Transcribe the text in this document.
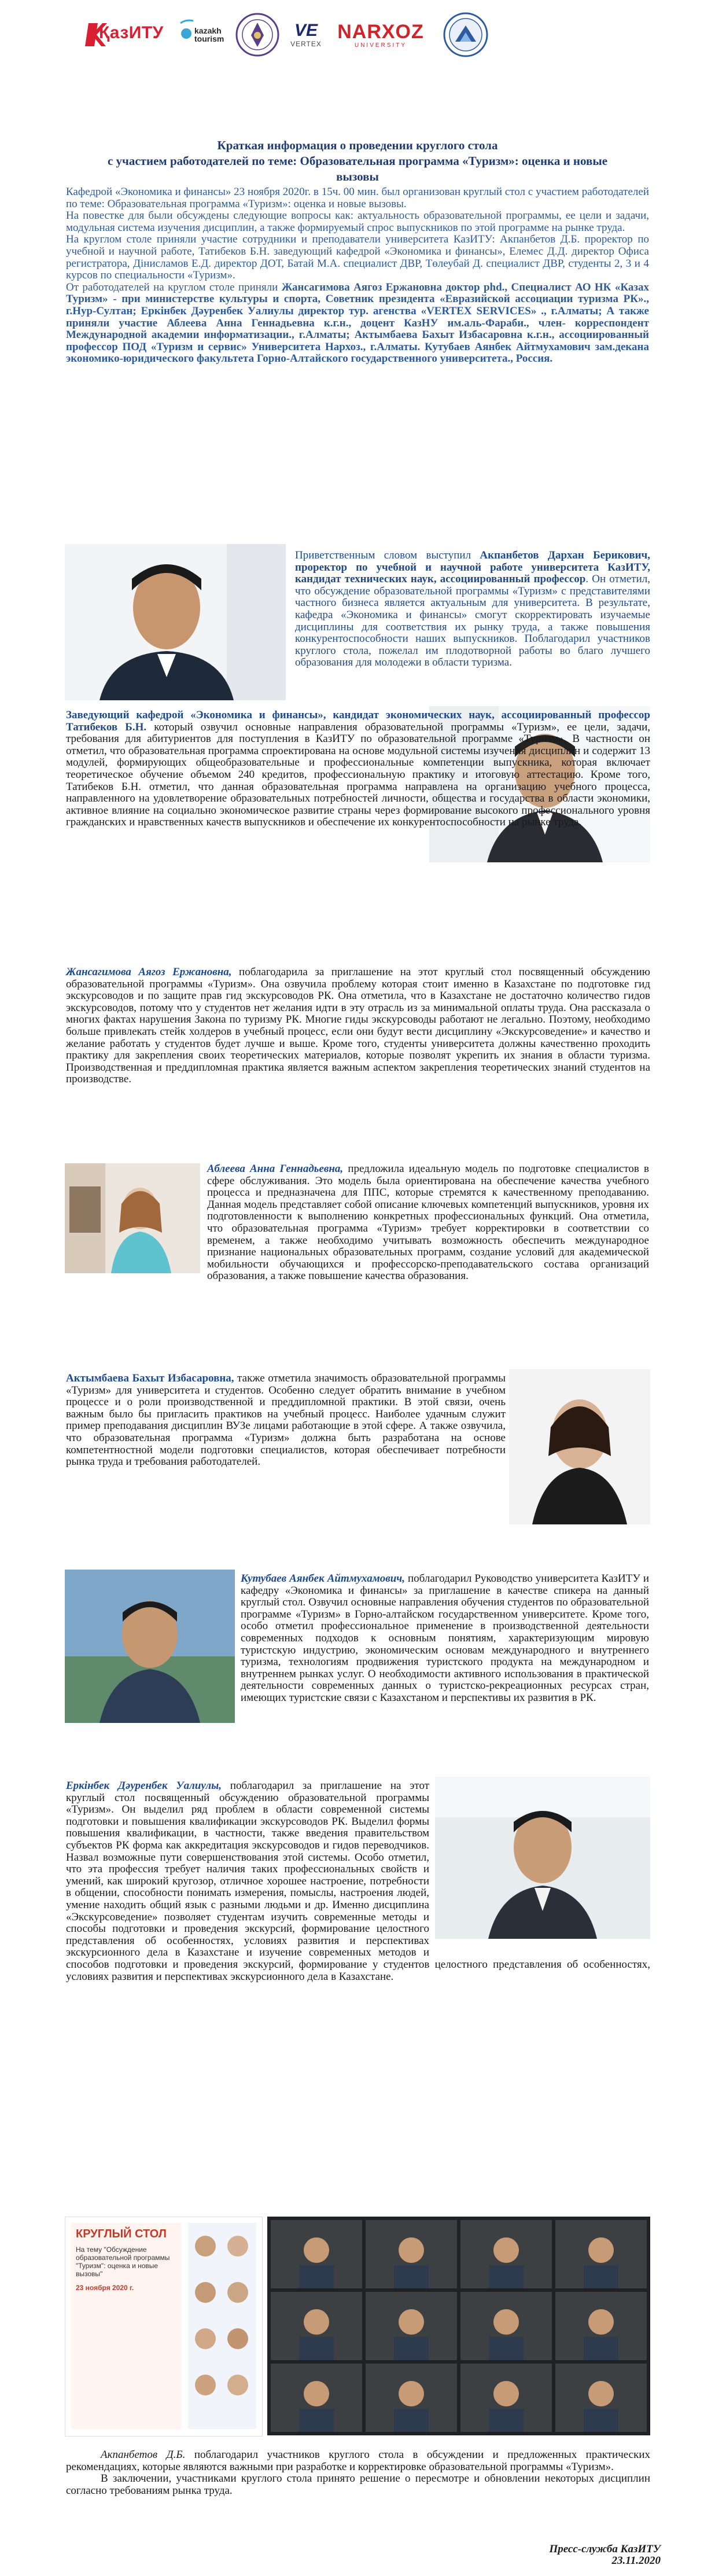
ҚазИТУ	kazakh
tourism	VE
VERTEX
NARXOZ
UNIVERSITY
Краткая информация о проведении круглого стола
с участием работодателей по теме: Образовательная программа «Туризм»: оценка и новые
вызовы

Кафедрой «Экономика и финансы» 23 ноября 2020г. в 15ч. 00 мин. был организован круглый стол с участием работодателей по теме: Образовательная программа «Туризм»: оценка и новые вызовы.

На повестке для были обсуждены следующие вопросы как: актуальность образовательной программы, ее цели и задачи, модульная система изучения дисциплин, а также формируемый спрос выпускников по этой программе на рынке труда.

На круглом столе приняли участие сотрудники и преподаватели университета КазИТУ: Акпанбетов Д.Б. проректор по учебной и научной работе, Татибеков Б.Н. заведующий кафедрой «Экономика и финансы», Елемес Д.Д. директор Офиса регистратора, Дінисламов Е.Д. директор ДОТ, Батай М.А. специалист ДВР, Төлеубай Д. специалист ДВР, студенты 2, 3 и 4 курсов по специальности «Туризм».

От работодателей на круглом столе приняли Жансагимова Аягоз Ержановна доктор phd., Специалист АО НК «Казах Туризм» - при министерстве культуры и спорта, Советник президента «Евразийской ассоциации туризма РК»., г.Нур-Султан; Еркінбек Дәуренбек Уалиулы директор тур. агенства «VERTEX SERVICES» ., г.Алматы; А также приняли участие Аблеева Анна Геннадьевна к.г.н., доцент КазНУ им.аль-Фараби., член- корреспондент Международной академии информатизации., г.Алматы; Актымбаева Бахыт Избасаровна к.г.н., ассоциированный профессор ПОД «Туризм и сервис» Университета Нархоз., г.Алматы. Кутубаев Аянбек Айтмухамович зам.декана экономико-юридического факультета Горно-Алтайского государственного университета., Россия.

Приветственным словом выступил Акпанбетов Дархан Берикович, проректор по учебной и научной работе университета КазИТУ, кандидат технических наук, ассоциированный профессор. Он отметил, что обсуждение образовательной программы «Туризм» с представителями частного бизнеса является актуальным для университета. В результате, кафедра «Экономика и финансы» смогут скорректировать изучаемые дисциплины для соответствия их рынку труда, а также повышения конкурентоспособности наших выпускников. Поблагодарил участников круглого стола, пожелал им плодотворной работы во благо лучшего образования для молодежи в области туризма.

Заведующий кафедрой «Экономика и финансы», кандидат экономических наук, ассоциированный профессор Татибеков Б.Н. который озвучил основные направления образовательной программы «Туризм», ее цели, задачи, требования для абитуриентов для поступления в КазИТУ по образовательной программе «Туризм». В частности он отметил, что образовательная программа спроектирована на основе модульной системы изучения дисциплин и содержит 13 модулей, формирующих общеобразовательные и профессиональные компетенции выпускника, которая включает теоретическое обучение объемом 240 кредитов, профессиональную практику и итоговую аттестацию. Кроме того, Татибеков Б.Н. отметил, что данная образовательная программа направлена на организацию учебного процесса, направленного на удовлетворение образовательных потребностей личности, общества и государства в области экономики, активное влияние на социально экономическое развитие страны через формирование высокого профессионального уровня гражданских и нравственных качеств выпускников и обеспечение их конкурентоспособности на рынке труда.

Жансагимова Аягоз Ержановна, поблагодарила за приглашение на этот круглый стол посвященный обсуждению образовательной программы «Туризм». Она озвучила проблему которая стоит именно в Казахстане по подготовке гид экскурсоводов и по защите прав гид экскурсоводов РК. Она отметила, что в Казахстане не достаточно количество гидов экскурсоводов, потому что у студентов нет желания идти в эту отрасль из за минимальной оплаты труда. Она рассказала о многих фактах нарушения Закона по туризму РК. Многие гиды экскурсоводы работают не легально. Поэтому, необходимо больше привлекать стейк холдеров в учебный процесс, если они будут вести дисциплину «Экскурсоведение» и качество и желание работать у студентов будет лучше и выше. Кроме того, студенты университета должны качественно проходить практику для закрепления своих теоретических материалов, которые позволят укрепить их знания в области туризма. Производственная и преддипломная практика является важным аспектом закрепления теоретических знаний студентов на производстве.

Аблеева Анна Геннадьевна, предложила идеальную модель по подготовке специалистов в сфере обслуживания. Это модель была ориентирована на обеспечение качества учебного процесса и предназначена для ППС, которые стремятся к качественному преподаванию. Данная модель представляет собой описание ключевых компетенций выпускников, уровня их подготовленности к выполнению конкретных профессиональных функций. Она отметила, что образовательная программа «Туризм» требует корректировки в соответствии со временем, а также необходимо учитывать возможность обеспечить международное признание национальных образовательных программ, создание условий для академической мобильности обучающихся и профессорско-преподавательского состава организаций образования, а также повышение качества образования.

Актымбаева Бахыт Избасаровна, также отметила значимость образовательной программы «Туризм» для университета и студентов. Особенно следует обратить внимание в учебном процессе и о роли производственной и преддипломной практики. В этой связи, очень важным было бы пригласить практиков на учебный процесс. Наиболее удачным служит пример преподавания дисциплин ВУЗе лицами работающие в этой сфере. А также озвучила, что образовательная программа «Туризм» должна быть разработана на основе компетентностной модели подготовки специалистов, которая обеспечивает потребности рынка труда и требования работодателей.

Кутубаев Аянбек Айтмухамович, поблагодарил Руководство университета КазИТУ и кафедру «Экономика и финансы» за приглашение в качестве спикера на данный круглый стол. Озвучил основные направления обучения студентов по образовательной программе «Туризм» в Горно-алтайском государственном университете. Кроме того, особо отметил профессиональное применение в производственной деятельности современных подходов к основным понятиям, характеризующим мировую туристскую индустрию, экономическим основам международного и внутреннего туризма, технологиям продвижения туристского продукта на международном и внутреннем рынках услуг. О необходимости активного использования в практической деятельности современных данных о туристско-рекреационных ресурсах стран, имеющих туристские связи с Казахстаном и перспективы их развития в РК.

Еркінбек Дәуренбек Уалиулы, поблагодарил за приглашение на этот круглый стол посвященный обсуждению образовательной программы «Туризм». Он выделил ряд проблем в области современной системы подготовки и повышения квалификации экскурсоводов РК. Выделил формы повышения квалификации, в частности, также введения правительством субъектов РК форма как аккредитация экскурсоводов и гидов переводчиков. Назвал возможные пути совершенствования этой системы. Особо отметил, что эта профессия требует наличия таких профессиональных свойств и умений, как широкий кругозор, отличное хорошее настроение, потребности в общении, способности понимать измерения, помыслы, настроения людей, умение находить общий язык с разными людьми и др. Именно дисциплина «Экскурсоведение» позволяет студентам изучить современные методы и способы подготовки и проведения экскурсий, формирование целостного представления об особенностях, условиях развития и перспективах экскурсионного дела в Казахстане и изучение современных методов и способов подготовки и проведения экскурсий, формирование у студентов целостного представления об особенностях, условиях развития и перспективах экскурсионного дела в Казахстане.

КРУГЛЫЙ СТОЛ
На тему "Обсуждение образовательной программы "Туризм": оценка и новые вызовы"
23 ноября 2020 г.

Акпанбетов Д.Б. поблагодарил участников круглого стола в обсуждении и предложенных практических рекомендациях, которые являются важными при разработке и корректировке образовательной программы «Туризм».

В заключении, участниками круглого стола принято решение о пересмотре и обновлении некоторых дисциплин согласно требованиям рынка труда.

Пресс-служба КазИТУ
23.11.2020
